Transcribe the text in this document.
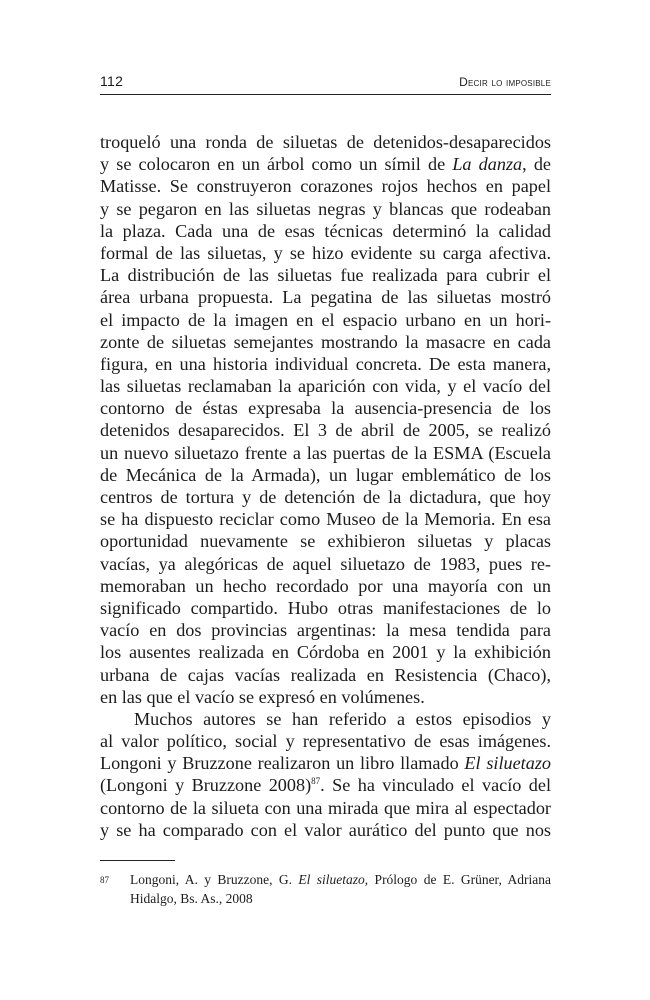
112	Decir lo imposible
troqueló una ronda de siluetas de detenidos-desaparecidos
y se colocaron en un árbol como un símil de La danza, de
Matisse. Se construyeron corazones rojos hechos en papel
y se pegaron en las siluetas negras y blancas que rodeaban
la plaza. Cada una de esas técnicas determinó la calidad
formal de las siluetas, y se hizo evidente su carga afectiva.
La distribución de las siluetas fue realizada para cubrir el
área urbana propuesta. La pegatina de las siluetas mostró
el impacto de la imagen en el espacio urbano en un hori-
zonte de siluetas semejantes mostrando la masacre en cada
figura, en una historia individual concreta. De esta manera,
las siluetas reclamaban la aparición con vida, y el vacío del
contorno de éstas expresaba la ausencia-presencia de los
detenidos desaparecidos. El 3 de abril de 2005, se realizó
un nuevo siluetazo frente a las puertas de la ESMA (Escuela
de Mecánica de la Armada), un lugar emblemático de los
centros de tortura y de detención de la dictadura, que hoy
se ha dispuesto reciclar como Museo de la Memoria. En esa
oportunidad nuevamente se exhibieron siluetas y placas
vacías, ya alegóricas de aquel siluetazo de 1983, pues re-
memoraban un hecho recordado por una mayoría con un
significado compartido. Hubo otras manifestaciones de lo
vacío en dos provincias argentinas: la mesa tendida para
los ausentes realizada en Córdoba en 2001 y la exhibición
urbana de cajas vacías realizada en Resistencia (Chaco),
en las que el vacío se expresó en volúmenes.
Muchos autores se han referido a estos episodios y
al valor político, social y representativo de esas imágenes.
Longoni y Bruzzone realizaron un libro llamado El siluetazo
(Longoni y Bruzzone 2008)$^{87}$. Se ha vinculado el vacío del
contorno de la silueta con una mirada que mira al espectador
y se ha comparado con el valor aurático del punto que nos
87 Longoni, A. y Bruzzone, G. El siluetazo, Prólogo de E. Grüner, Adriana
Hidalgo, Bs. As., 2008
